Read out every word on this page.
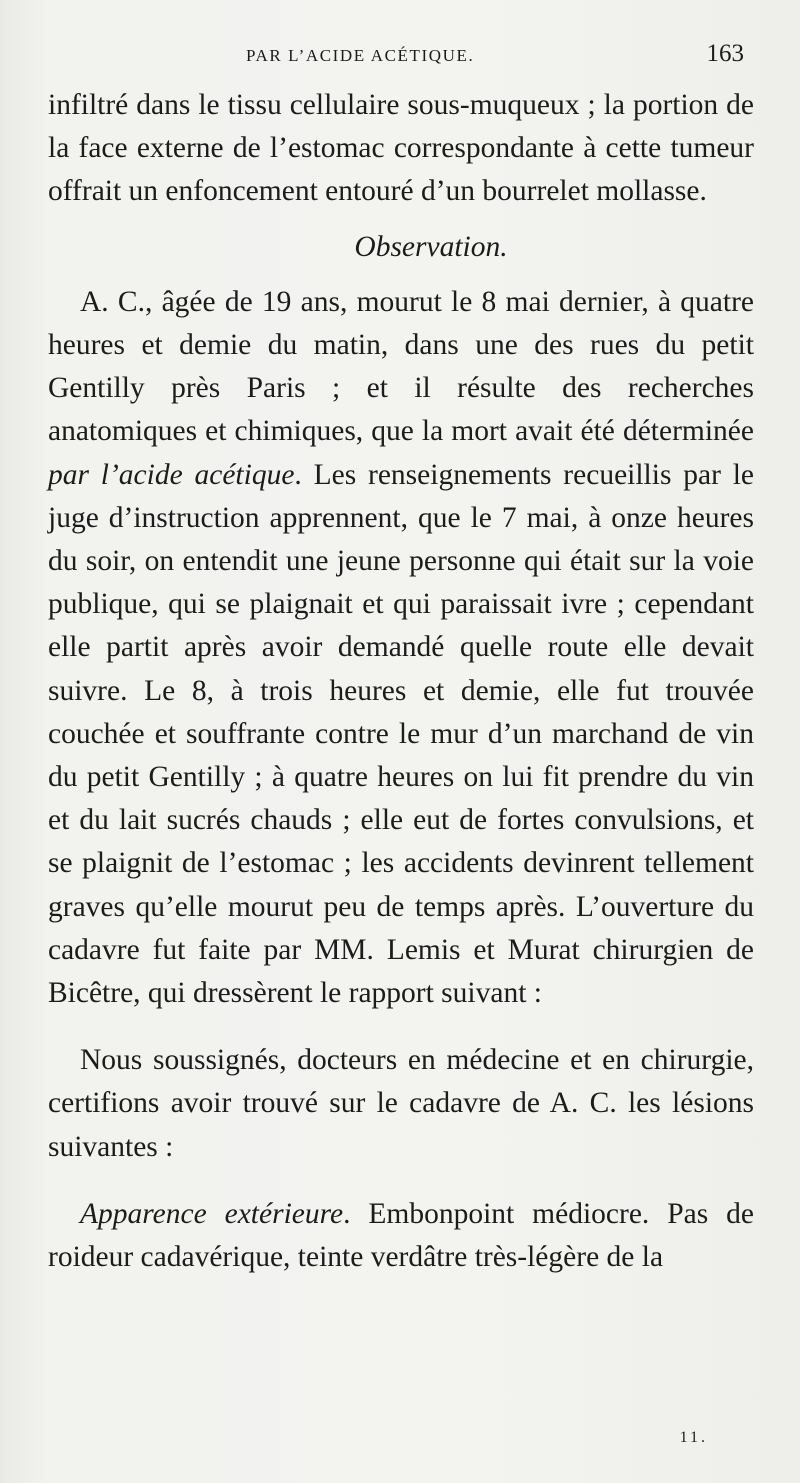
PAR L’ACIDE ACÉTIQUE.	163

infiltré dans le tissu cellulaire sous-muqueux ; la portion de la face externe de l’estomac correspondante à cette tumeur offrait un enfoncement entouré d’un bourrelet mollasse.

Observation.

A. C., âgée de 19 ans, mourut le 8 mai dernier, à quatre heures et demie du matin, dans une des rues du petit Gentilly près Paris ; et il résulte des recherches anatomiques et chimiques, que la mort avait été déterminée par l’acide acétique. Les renseignements recueillis par le juge d’instruction apprennent, que le 7 mai, à onze heures du soir, on entendit une jeune personne qui était sur la voie publique, qui se plaignait et qui paraissait ivre ; cependant elle partit après avoir demandé quelle route elle devait suivre. Le 8, à trois heures et demie, elle fut trouvée couchée et souffrante contre le mur d’un marchand de vin du petit Gentilly ; à quatre heures on lui fit prendre du vin et du lait sucrés chauds ; elle eut de fortes convulsions, et se plaignit de l’estomac ; les accidents devinrent tellement graves qu’elle mourut peu de temps après. L’ouverture du cadavre fut faite par MM. Lemis et Murat chirurgien de Bicêtre, qui dressèrent le rapport suivant :

Nous soussignés, docteurs en médecine et en chirurgie, certifions avoir trouvé sur le cadavre de A. C. les lésions suivantes :

Apparence extérieure. Embonpoint médiocre. Pas de roideur cadavérique, teinte verdâtre très-légère de la

11.
